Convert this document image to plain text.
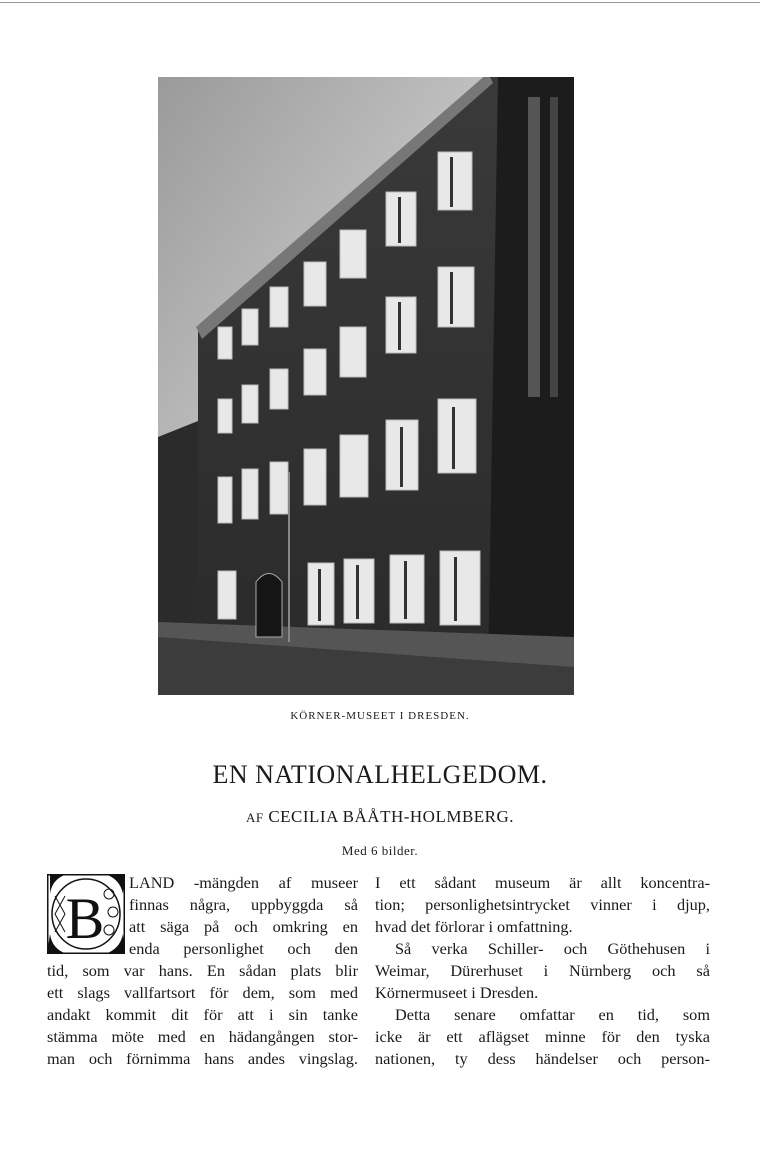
KÖRNER-MUSEET I DRESDEN.
EN NATIONALHELGEDOM.
AF CECILIA BÅÅTH-HOLMBERG.
Med 6 bilder.
B
LAND -mängden af museer
finnas några, uppbyggda så
att säga på och omkring en
enda personlighet och den
tid, som var hans. En sådan plats blir
ett slags vallfartsort för dem, som med
andakt kommit dit för att i sin tanke
stämma möte med en hädangången stor-
man och förnimma hans andes vingslag.
I ett sådant museum är allt koncentra-
tion; personlighetsintrycket vinner i djup,
hvad det förlorar i omfattning.
Så verka Schiller- och Göthehusen i
Weimar, Dürerhuset i Nürnberg och så
Körnermuseet i Dresden.
Detta senare omfattar en tid, som
icke är ett aflägset minne för den tyska
nationen, ty dess händelser och person-
